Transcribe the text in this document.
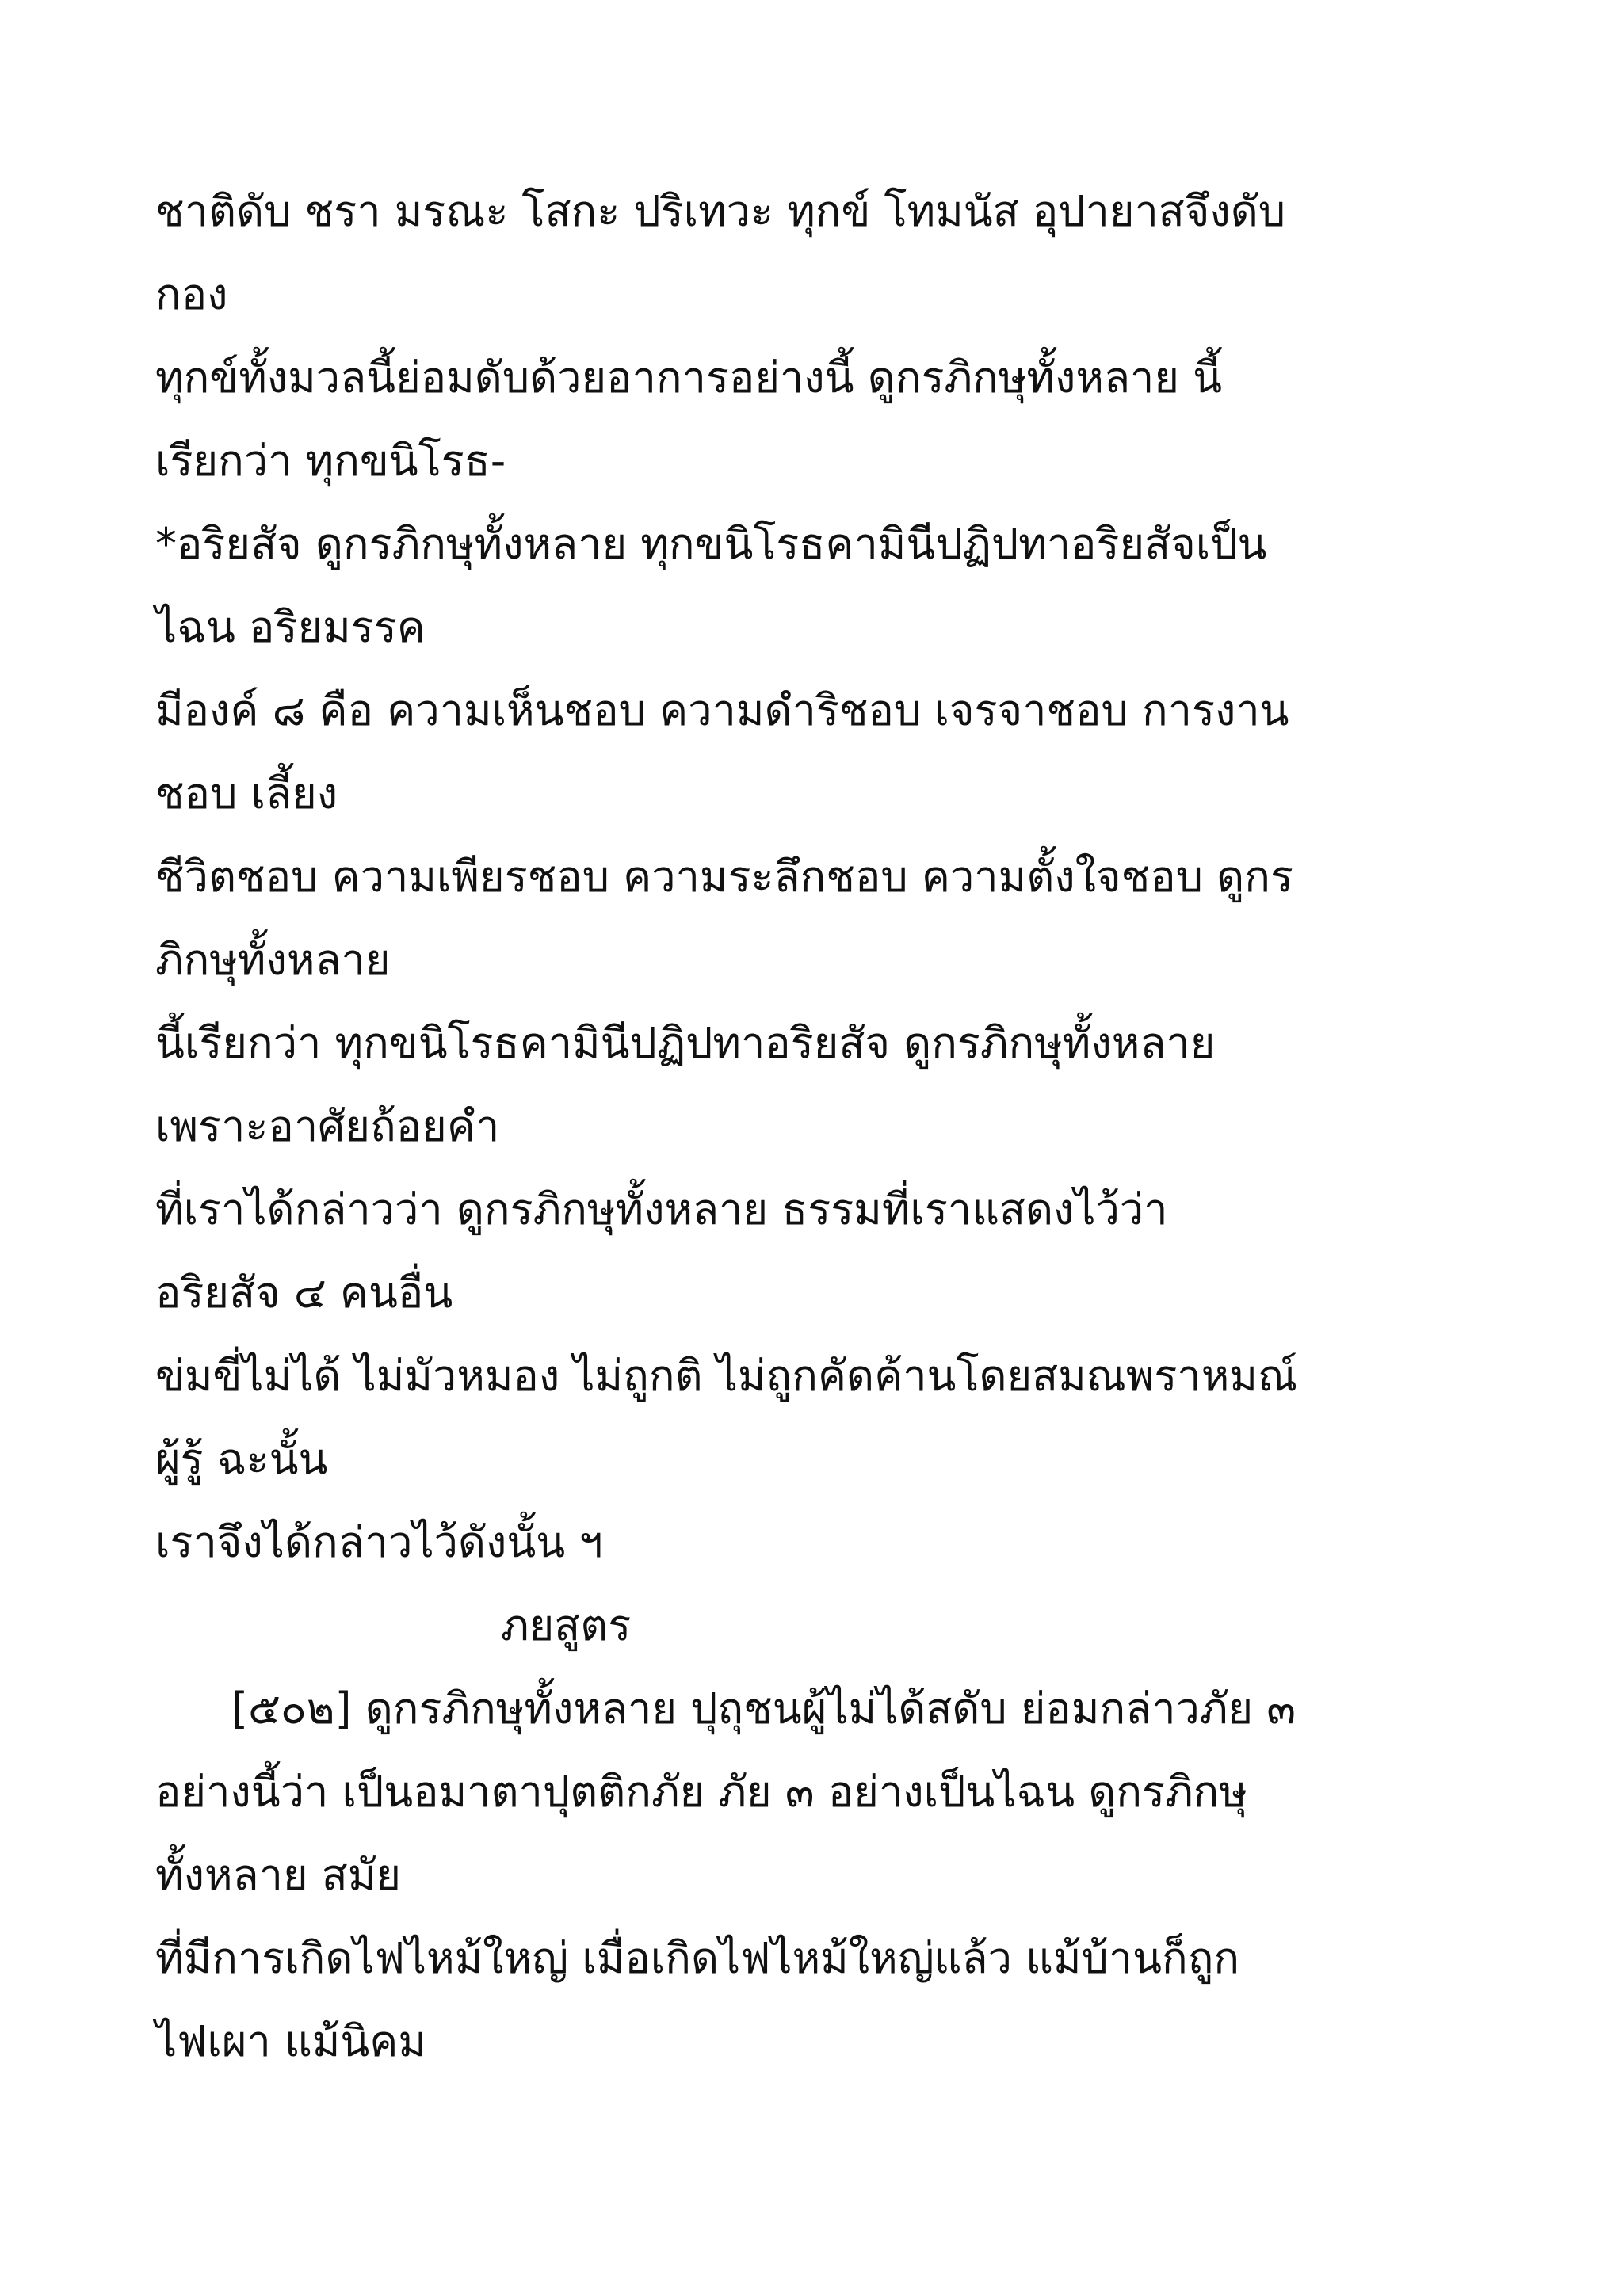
ชาติดับ ชรา มรณะ โสกะ ปริเทวะ ทุกข์ โทมนัส อุปายาสจึงดับ
กอง
ทุกข์ทั้งมวลนี้ย่อมดับด้วยอาการอย่างนี้ ดูกรภิกษุทั้งหลาย นี้
เรียกว่า ทุกขนิโรธ-
*อริยสัจ ดูกรภิกษุทั้งหลาย ทุกขนิโรธคามินีปฏิปทาอริยสัจเป็น
ไฉน อริยมรรค
มีองค์ ๘ คือ ความเห็นชอบ ความดำริชอบ เจรจาชอบ การงาน
ชอบ เลี้ยง
ชีวิตชอบ ความเพียรชอบ ความระลึกชอบ ความตั้งใจชอบ ดูกร
ภิกษุทั้งหลาย
นี้เรียกว่า ทุกขนิโรธคามินีปฏิปทาอริยสัจ ดูกรภิกษุทั้งหลาย
เพราะอาศัยถ้อยคำ
ที่เราได้กล่าวว่า ดูกรภิกษุทั้งหลาย ธรรมที่เราแสดงไว้ว่า
อริยสัจ ๔ คนอื่น
ข่มขี่ไม่ได้ ไม่มัวหมอง ไม่ถูกติ ไม่ถูกคัดค้านโดยสมณพราหมณ์
ผู้รู้ ฉะนั้น
เราจึงได้กล่าวไว้ดังนั้น ฯ
ภยสูตร
[๕๐๒] ดูกรภิกษุทั้งหลาย ปุถุชนผู้ไม่ได้สดับ ย่อมกล่าวภัย ๓
อย่างนี้ว่า เป็นอมาตาปุตติกภัย ภัย ๓ อย่างเป็นไฉน ดูกรภิกษุ
ทั้งหลาย สมัย
ที่มีการเกิดไฟไหม้ใหญ่ เมื่อเกิดไฟไหม้ใหญ่แล้ว แม้บ้านก็ถูก
ไฟเผา แม้นิคม
